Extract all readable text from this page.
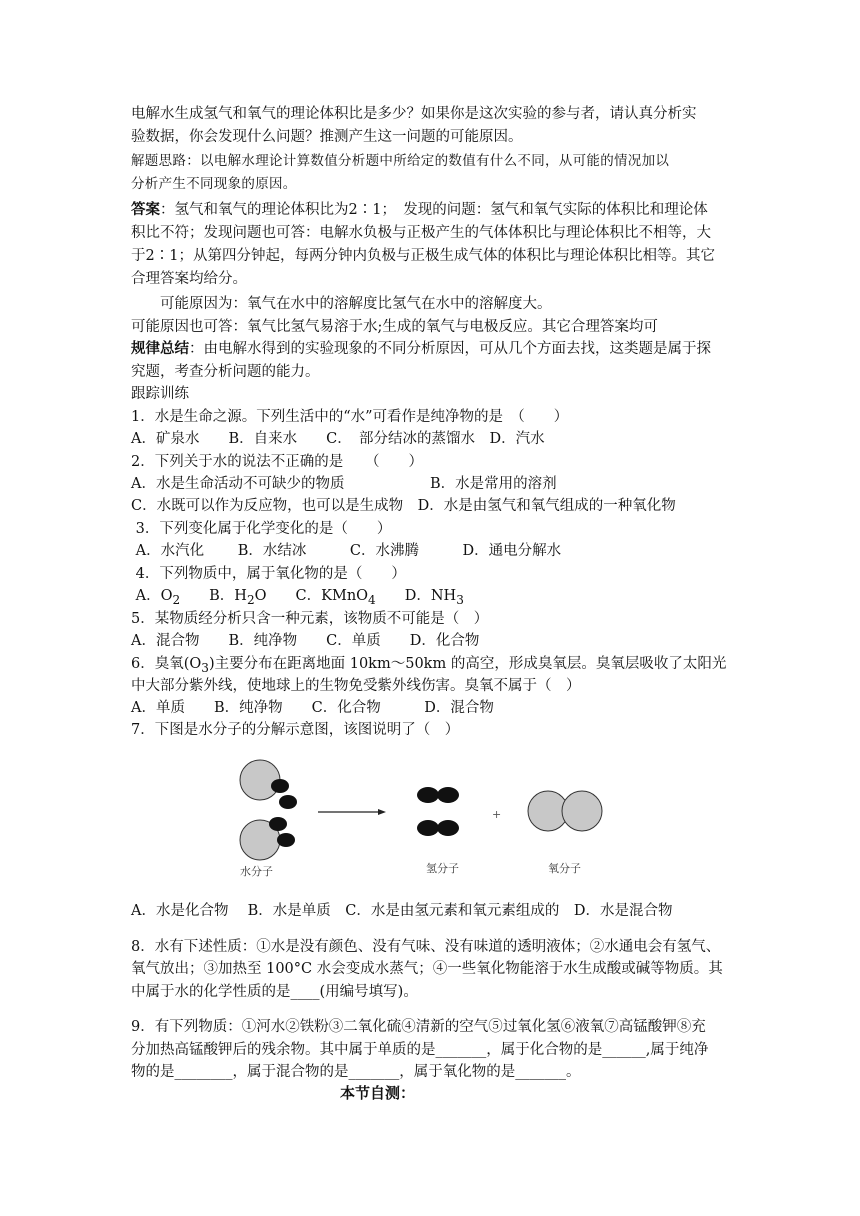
电解水生成氢气和氧气的理论体积比是多少？如果你是这次实验的参与者，请认真分析实
验数据，你会发现什么问题？推测产生这一问题的可能原因。
解题思路：以电解水理论计算数值分析题中所给定的数值有什么不同，从可能的情况加以
分析产生不同现象的原因。
答案：氢气和氧气的理论体积比为2∶1；　发现的问题：氢气和氧气实际的体积比和理论体
积比不符；发现问题也可答：电解水负极与正极产生的气体体积比与理论体积比不相等，大
于2∶1；从第四分钟起，每两分钟内负极与正极生成气体的体积比与理论体积比相等。其它
合理答案均给分。
可能原因为：氧气在水中的溶解度比氢气在水中的溶解度大。
可能原因也可答：氧气比氢气易溶于水;生成的氧气与电极反应。其它合理答案均可
规律总结：由电解水得到的实验现象的不同分析原因，可从几个方面去找，这类题是属于探
究题，考查分析问题的能力。
跟踪训练
1．水是生命之源。下列生活中的“水”可看作是纯净物的是　（　　）
A．矿泉水　　B．自来水　　C．　部分结冰的蒸馏水　D．汽水
2．下列关于水的说法不正确的是　　（　　）
A．水是生命活动不可缺少的物质	B．水是常用的溶剂
C．水既可以作为反应物，也可以是生成物　D．水是由氢气和氧气组成的一种氧化物
3．下列变化属于化学变化的是（　　）
A．水汽化　　 B．水结冰　　　C．水沸腾　　　D．通电分解水
4．下列物质中，属于氧化物的是（　　）
A．$O_2$　　B．$H_2O$　　C．KMnO$_4$　　D．$NH_3$
5．某物质经分析只含一种元素，该物质不可能是（　）
A．混合物　　B．纯净物　　C．单质　　D．化合物
6．臭氧$(O_3)$主要分布在距离地面 10km～50km 的高空，形成臭氧层。臭氧层吸收了太阳光
中大部分紫外线，使地球上的生物免受紫外线伤害。臭氧不属于（　）
A．单质　　B．纯净物　　C．化合物　　　D．混合物
7．下图是水分子的分解示意图，该图说明了（　）
+
水分子	氢分子	氧分子
A．水是化合物　 B．水是单质　C．水是由氢元素和氧元素组成的　D．水是混合物
8．水有下述性质：①水是没有颜色、没有气味、没有味道的透明液体；②水通电会有氢气、
氧气放出；③加热至 100°C 水会变成水蒸气；④一些氧化物能溶于水生成酸或碱等物质。其
中属于水的化学性质的是____(用编号填写)。
9．有下列物质：①河水②铁粉③二氧化硫④清新的空气⑤过氧化氢⑥液氧⑦高锰酸钾⑧充
分加热高锰酸钾后的残余物。其中属于单质的是_______，属于化合物的是______,属于纯净
物的是________，属于混合物的是_______，属于氧化物的是_______。
本节自测：
